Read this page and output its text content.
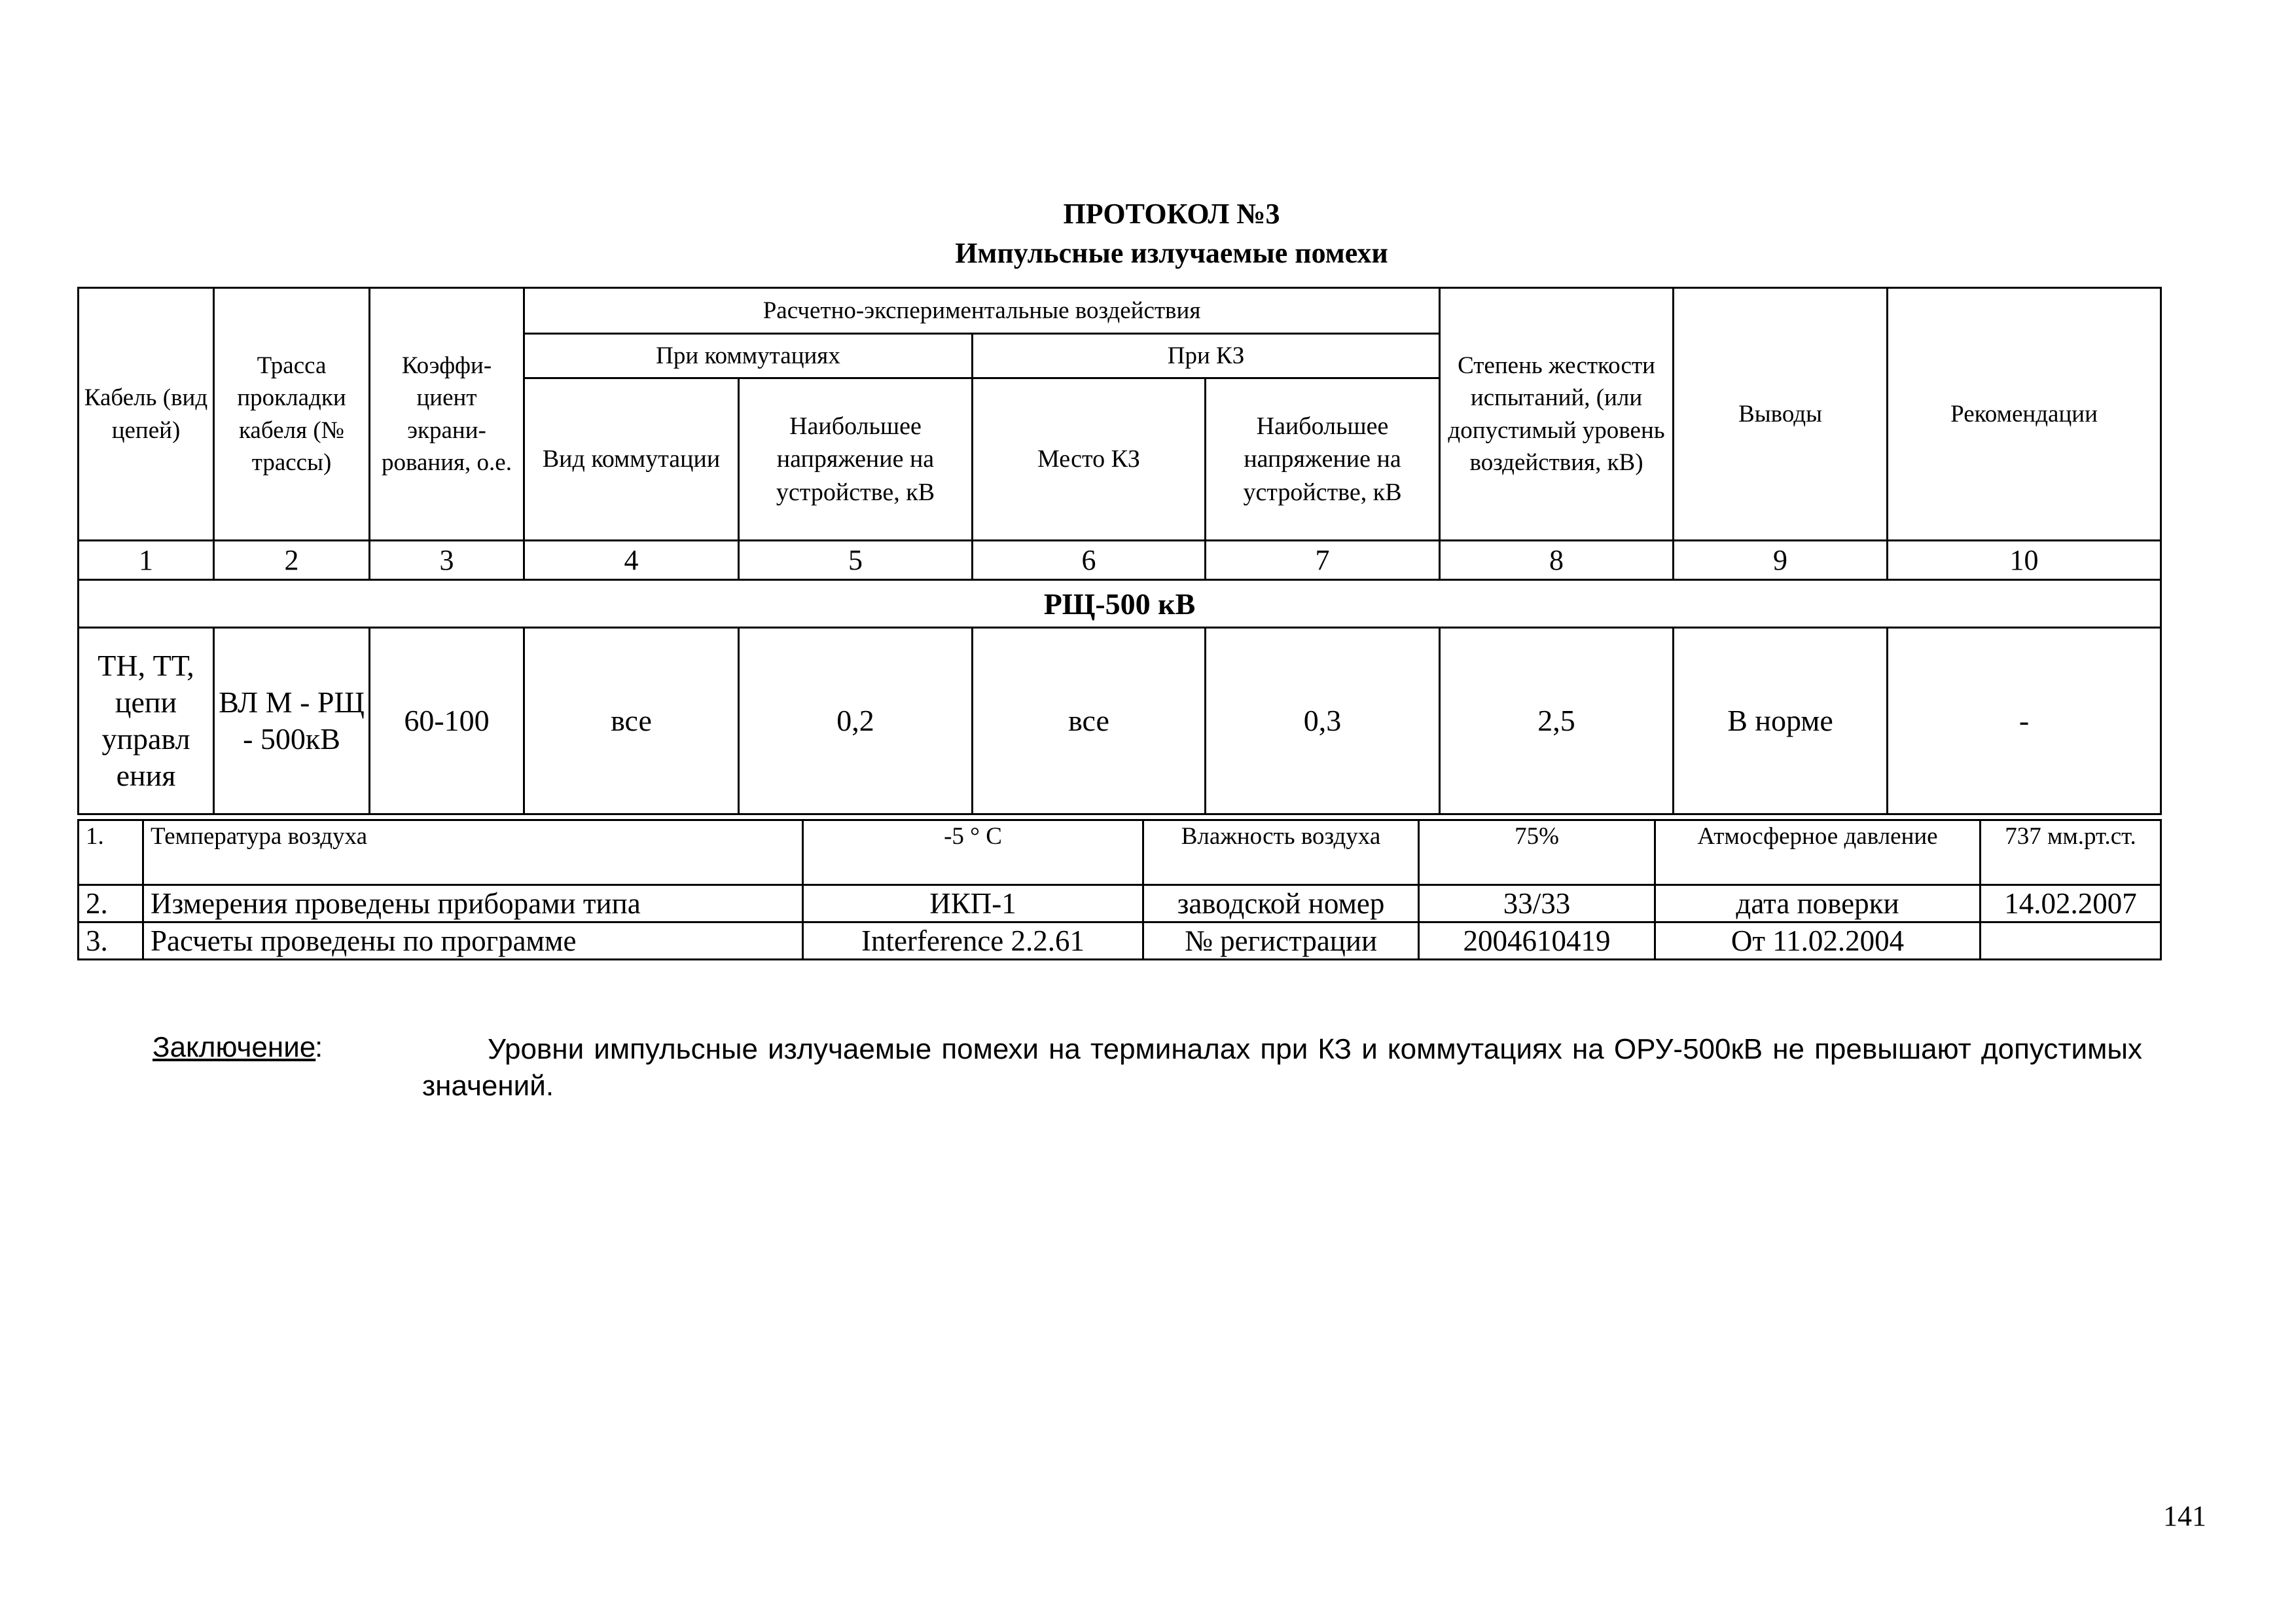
ПРОТОКОЛ №3
Импульсные излучаемые помехи
Кабель (вид цепей)	Трасса прокладки кабеля (№ трассы)	Коэффи-циент экрани-рования, о.е.	Расчетно-экспериментальные воздействия				Степень жесткости испытаний, (или допустимый уровень воздействия, кВ)	Выводы	Рекомендации
			При коммутациях		При КЗ				
			Вид коммутации	Наибольшее напряжение на устройстве, кВ	Место КЗ	Наибольшее напряжение на устройстве, кВ			
1	2	3	4	5	6	7	8	9	10
РЩ-500 кВ									
ТН, ТТ, цепи управл ения	ВЛ М - РЩ - 500кВ	60-100	все	0,2	все	0,3	2,5	В норме	-
1.	Температура воздуха	-5 ° С	Влажность воздуха	75%	Атмосферное давление	737 мм.рт.ст.
2.	Измерения проведены приборами типа	ИКП-1	заводской номер	33/33	дата поверки	14.02.2007
3.	Расчеты проведены по программе	Interference 2.2.61	№ регистрации	2004610419	От 11.02.2004	
Заключение
:	Уровни импульсные излучаемые помехи на терминалах при КЗ и коммутациях на ОРУ-500кВ не превышают допустимых значений.
141
